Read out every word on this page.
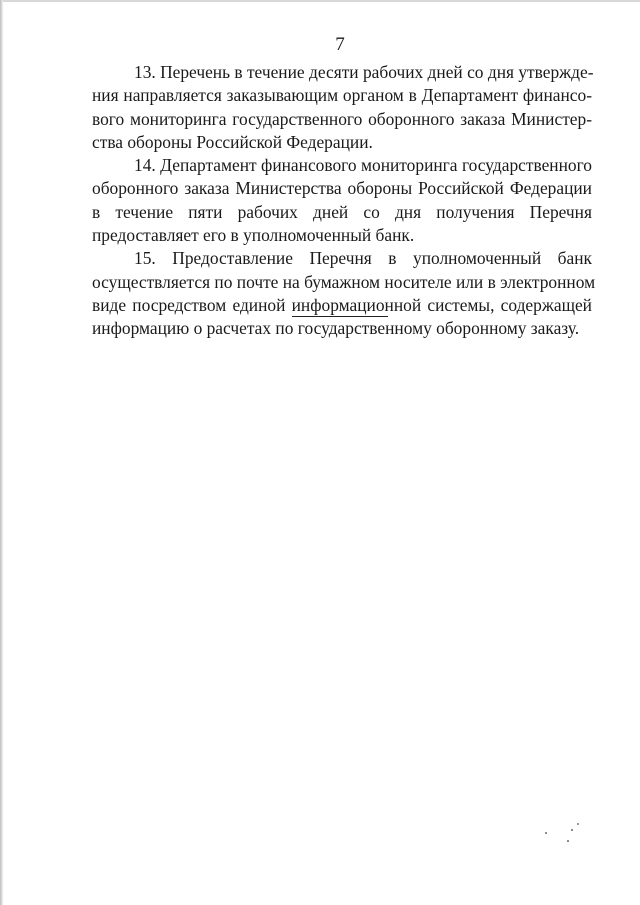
7
13. Перечень в течение десяти рабочих дней со дня утвержде-
ния направляется заказывающим органом в Департамент финансо-
вого мониторинга государственного оборонного заказа Министер-
ства обороны Российской Федерации.
14. Департамент финансового мониторинга государственного
оборонного заказа Министерства обороны Российской Федерации
в течение пяти рабочих дней со дня получения Перечня
предоставляет его в уполномоченный банк.
15. Предоставление Перечня в уполномоченный банк
осуществляется по почте на бумажном носителе или в электронном
виде посредством единой информационной системы, содержащей
информацию о расчетах по государственному оборонному заказу.
